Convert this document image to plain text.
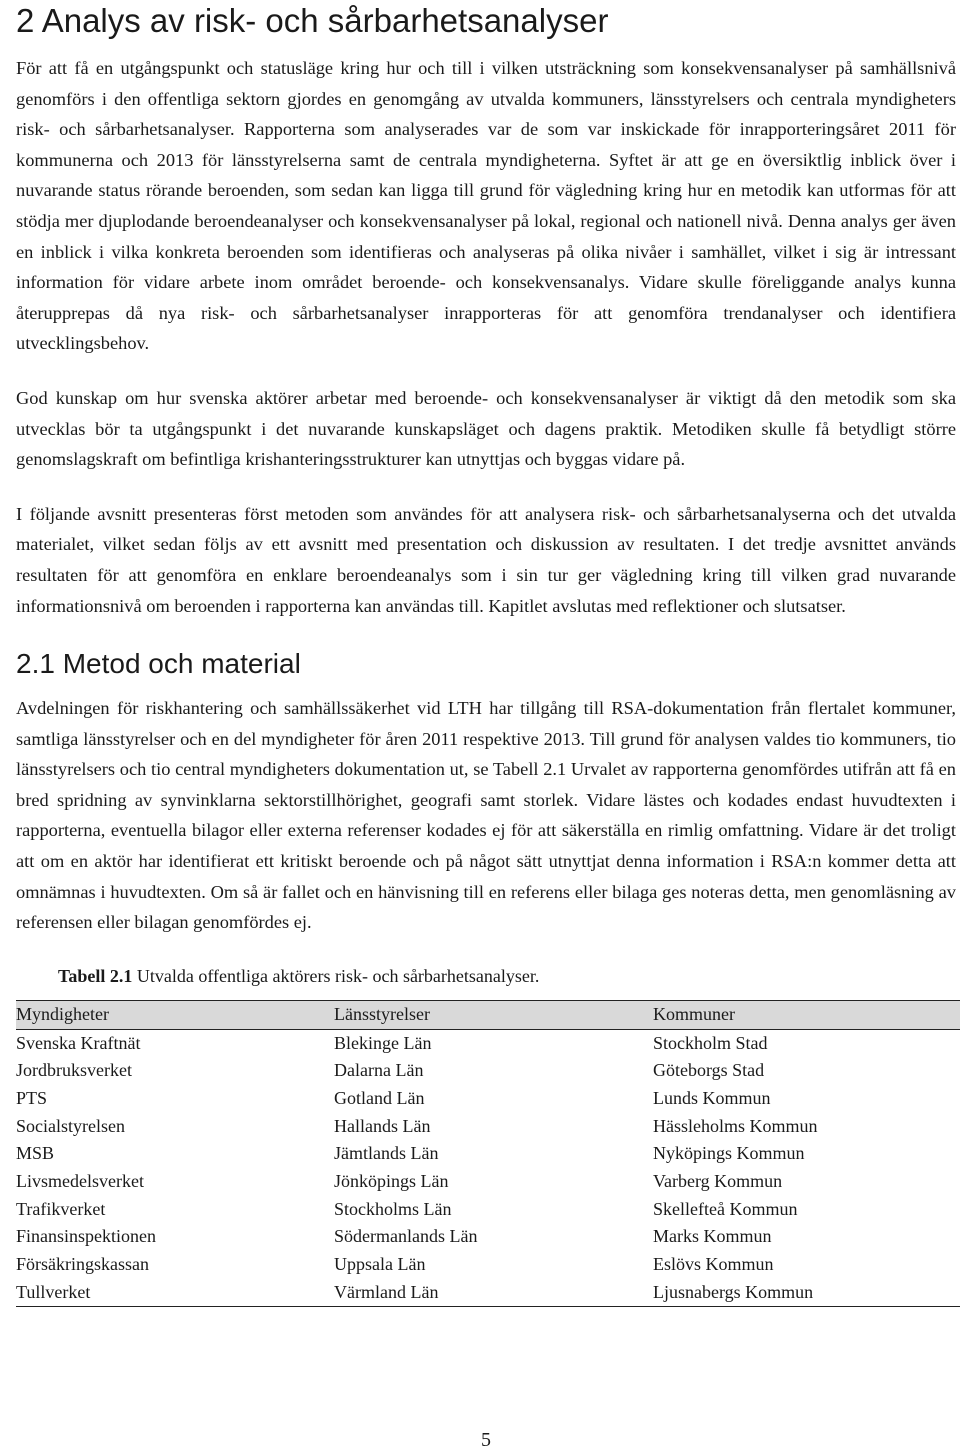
2 Analys av risk- och sårbarhetsanalyser

För att få en utgångspunkt och statusläge kring hur och till i vilken utsträckning som konsekvensanalyser på samhällsnivå genomförs i den offentliga sektorn gjordes en genomgång av utvalda kommuners, länsstyrelsers och centrala myndigheters risk- och sårbarhetsanalyser. Rapporterna som analyserades var de som var inskickade för inrapporteringsåret 2011 för kommunerna och 2013 för länsstyrelserna samt de centrala myndigheterna. Syftet är att ge en översiktlig inblick över i nuvarande status rörande beroenden, som sedan kan ligga till grund för vägledning kring hur en metodik kan utformas för att stödja mer djuplodande beroendeanalyser och konsekvensanalyser på lokal, regional och nationell nivå. Denna analys ger även en inblick i vilka konkreta beroenden som identifieras och analyseras på olika nivåer i samhället, vilket i sig är intressant information för vidare arbete inom området beroende- och konsekvensanalys. Vidare skulle föreliggande analys kunna återupprepas då nya risk- och sårbarhetsanalyser inrapporteras för att genomföra trendanalyser och identifiera utvecklingsbehov.

God kunskap om hur svenska aktörer arbetar med beroende- och konsekvensanalyser är viktigt då den metodik som ska utvecklas bör ta utgångspunkt i det nuvarande kunskapsläget och dagens praktik. Metodiken skulle få betydligt större genomslagskraft om befintliga krishanteringsstrukturer kan utnyttjas och byggas vidare på.

I följande avsnitt presenteras först metoden som användes för att analysera risk- och sårbarhetsanalyserna och det utvalda materialet, vilket sedan följs av ett avsnitt med presentation och diskussion av resultaten. I det tredje avsnittet används resultaten för att genomföra en enklare beroendeanalys som i sin tur ger vägledning kring till vilken grad nuvarande informationsnivå om beroenden i rapporterna kan användas till. Kapitlet avslutas med reflektioner och slutsatser.

2.1 Metod och material

Avdelningen för riskhantering och samhällssäkerhet vid LTH har tillgång till RSA-dokumentation från flertalet kommuner, samtliga länsstyrelser och en del myndigheter för åren 2011 respektive 2013. Till grund för analysen valdes tio kommuners, tio länsstyrelsers och tio central myndigheters dokumentation ut, se Tabell 2.1 Urvalet av rapporterna genomfördes utifrån att få en bred spridning av synvinklarna sektorstillhörighet, geografi samt storlek. Vidare lästes och kodades endast huvudtexten i rapporterna, eventuella bilagor eller externa referenser kodades ej för att säkerställa en rimlig omfattning. Vidare är det troligt att om en aktör har identifierat ett kritiskt beroende och på något sätt utnyttjat denna information i RSA:n kommer detta att omnämnas i huvudtexten. Om så är fallet och en hänvisning till en referens eller bilaga ges noteras detta, men genomläsning av referensen eller bilagan genomfördes ej.

Tabell 2.1 Utvalda offentliga aktörers risk- och sårbarhetsanalyser.
Myndigheter	Länsstyrelser	Kommuner
Svenska Kraftnät	Blekinge Län	Stockholm Stad
Jordbruksverket	Dalarna Län	Göteborgs Stad
PTS	Gotland Län	Lunds Kommun
Socialstyrelsen	Hallands Län	Hässleholms Kommun
MSB	Jämtlands Län	Nyköpings Kommun
Livsmedelsverket	Jönköpings Län	Varberg Kommun
Trafikverket	Stockholms Län	Skellefteå Kommun
Finansinspektionen	Södermanlands Län	Marks Kommun
Försäkringskassan	Uppsala Län	Eslövs Kommun
Tullverket	Värmland Län	Ljusnabergs Kommun
5
